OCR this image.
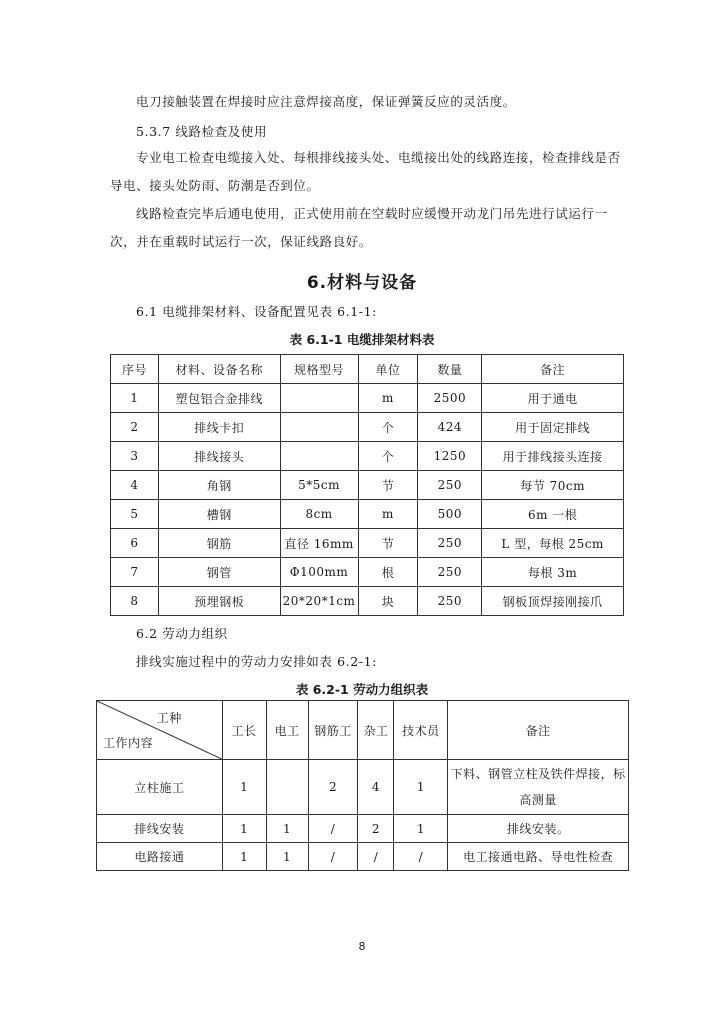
电刀接触装置在焊接时应注意焊接高度，保证弹簧反应的灵活度。

5.3.7 线路检查及使用

专业电工检查电缆接入处、每根排线接头处、电缆接出处的线路连接，检查排线是否导电、接头处防雨、防潮是否到位。

线路检查完毕后通电使用，正式使用前在空载时应缓慢开动龙门吊先进行试运行一次，并在重载时试运行一次，保证线路良好。

6.材料与设备
6.1 电缆排架材料、设备配置见表 6.1-1:
表 6.1-1 电缆排架材料表
序号	材料、设备名称	规格型号	单位	数量	备注
1	塑包铝合金排线		m	2500	用于通电
2	排线卡扣		个	424	用于固定排线
3	排线接头		个	1250	用于排线接头连接
4	角钢	5*5cm	节	250	每节 70cm
5	槽钢	8cm	m	500	6m 一根
6	钢筋	直径 16mm	节	250	L 型，每根 25cm
7	钢管	Φ100mm	根	250	每根 3m
8	预埋钢板	20*20*1cm	块	250	钢板顶焊接刚接爪
6.2 劳动力组织
排线实施过程中的劳动力安排如表 6.2-1:
表 6.2-1 劳动力组织表
工种
工作内容	工长	电工	钢筋工	杂工	技术员	备注
立柱施工	1		2	4	1	下料、钢管立柱及铁件焊接，标高测量
排线安装	1	1	/	2	1	排线安装。
电路接通	1	1	/	/	/	电工接通电路、导电性检查
8
